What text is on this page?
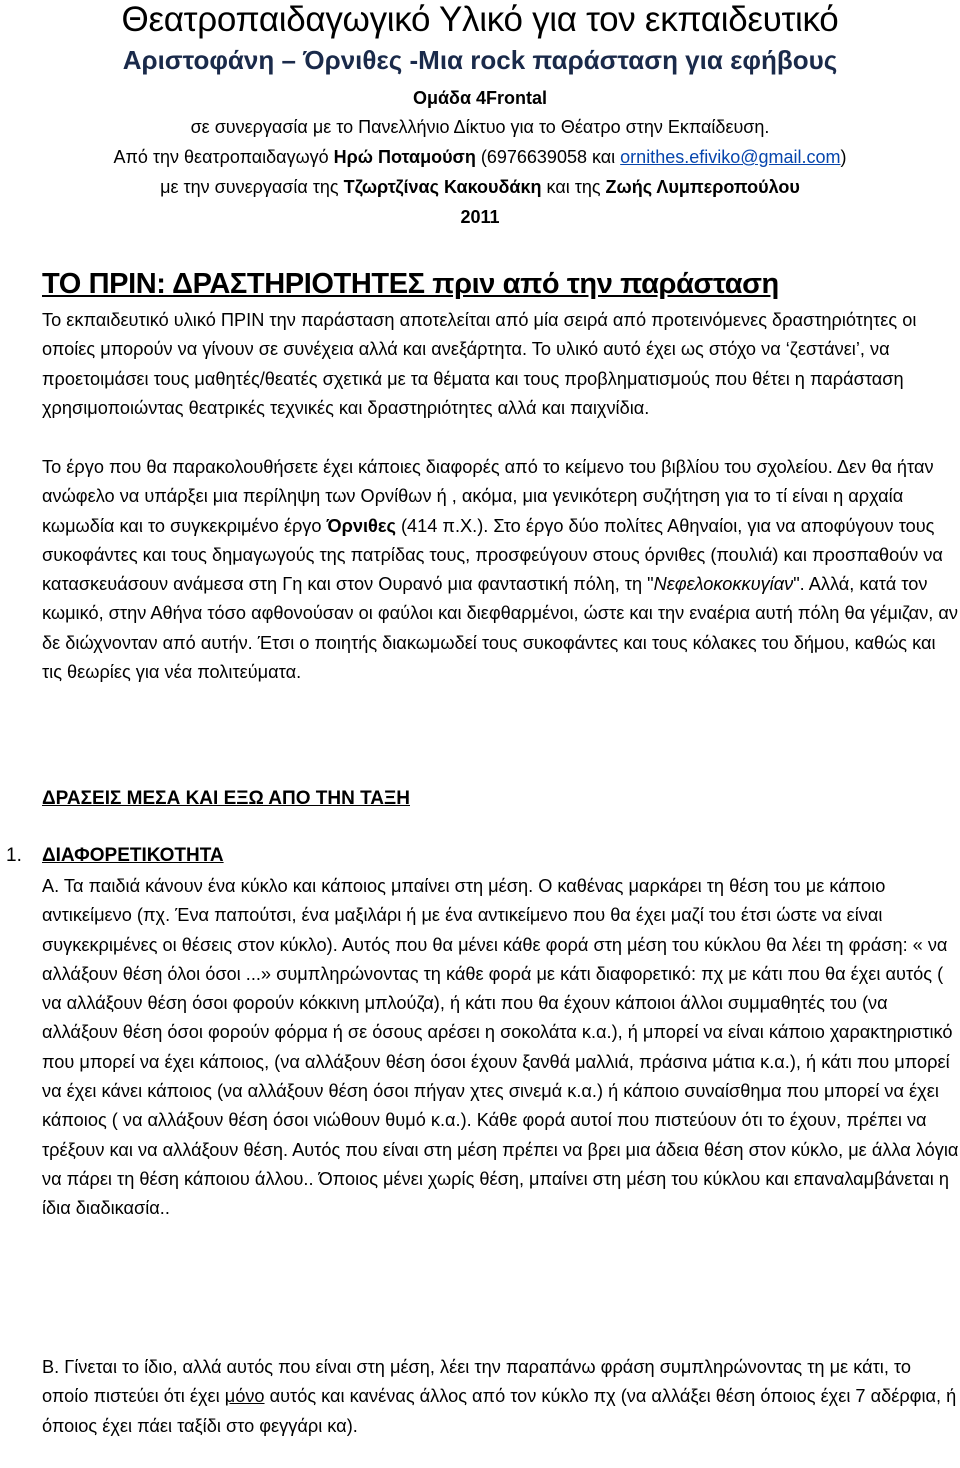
Θεατροπαιδαγωγικό Υλικό για τον εκπαιδευτικό
Αριστοφάνη – Όρνιθες -Μια rock παράσταση για εφήβους

Ομάδα 4Frontal

σε συνεργασία με το Πανελλήνιο Δίκτυο για το Θέατρο στην Εκπαίδευση.

Από την θεατροπαιδαγωγό Ηρώ Ποταμούση (6976639058 και ornithes.efiviko@gmail.com)

με την συνεργασία της Τζωρτζίνας Κακουδάκη και της Ζωής Λυμπεροπούλου

2011

ΤΟ ΠΡΙΝ: ΔΡΑΣΤΗΡΙΟΤΗΤΕΣ πριν από την παράσταση

Το εκπαιδευτικό υλικό ΠΡΙΝ την παράσταση αποτελείται από μία σειρά από προτεινόμενες δραστηριότητες οι οποίες μπορούν να γίνουν σε συνέχεια αλλά και ανεξάρτητα. Το υλικό αυτό έχει ως στόχο να ‘ζεστάνει’, να προετοιμάσει τους μαθητές/θεατές σχετικά με τα θέματα και τους προβληματισμούς που θέτει η παράσταση χρησιμοποιώντας θεατρικές τεχνικές και δραστηριότητες αλλά και παιχνίδια.

Το έργο που θα παρακολουθήσετε έχει κάποιες διαφορές από το κείμενο του βιβλίου του σχολείου. Δεν θα ήταν ανώφελο να υπάρξει μια περίληψη των Ορνίθων ή , ακόμα, μια γενικότερη συζήτηση για το τί είναι η αρχαία κωμωδία και το συγκεκριμένο έργο Όρνιθες (414 π.Χ.). Στο έργο δύο πολίτες Αθηναίοι, για να αποφύγουν τους συκοφάντες και τους δημαγωγούς της πατρίδας τους, προσφεύγουν στους όρνιθες (πουλιά) και προσπαθούν να κατασκευάσουν ανάμεσα στη Γη και στον Ουρανό μια φανταστική πόλη, τη "Νεφελοκοκκυγίαν". Αλλά, κατά τον κωμικό, στην Αθήνα τόσο αφθονούσαν οι φαύλοι και διεφθαρμένοι, ώστε και την εναέρια αυτή πόλη θα γέμιζαν, αν δε διώχνονταν από αυτήν. Έτσι ο ποιητής διακωμωδεί τους συκοφάντες και τους κόλακες του δήμου, καθώς και τις θεωρίες για νέα πολιτεύματα.

ΔΡΑΣΕΙΣ ΜΕΣΑ ΚΑΙ ΕΞΩ ΑΠΟ ΤΗΝ ΤΑΞΗ
1. ΔΙΑΦΟΡΕΤΙΚΟΤΗΤΑ

Α. Τα παιδιά κάνουν ένα κύκλο και κάποιος μπαίνει στη μέση. Ο καθένας μαρκάρει τη θέση του με κάποιο αντικείμενο (πχ. Ένα παπούτσι, ένα μαξιλάρι ή με ένα αντικείμενο που θα έχει μαζί του έτσι ώστε να είναι συγκεκριμένες οι θέσεις στον κύκλο). Αυτός που θα μένει κάθε φορά στη μέση του κύκλου θα λέει τη φράση: « να αλλάξουν θέση όλοι όσοι ...» συμπληρώνοντας τη κάθε φορά με κάτι διαφορετικό: πχ με κάτι που θα έχει αυτός ( να αλλάξουν θέση όσοι φορούν κόκκινη μπλούζα), ή κάτι που θα έχουν κάποιοι άλλοι συμμαθητές του (να αλλάξουν θέση όσοι φορούν φόρμα ή σε όσους αρέσει η σοκολάτα κ.α.), ή μπορεί να είναι κάποιο χαρακτηριστικό που μπορεί να έχει κάποιος, (να αλλάξουν θέση όσοι έχουν ξανθά μαλλιά, πράσινα μάτια κ.α.), ή κάτι που μπορεί να έχει κάνει κάποιος (να αλλάξουν θέση όσοι πήγαν χτες σινεμά κ.α.) ή κάποιο συναίσθημα που μπορεί να έχει κάποιος ( να αλλάξουν θέση όσοι νιώθουν θυμό κ.α.). Κάθε φορά αυτοί που πιστεύουν ότι το έχουν, πρέπει να τρέξουν και να αλλάξουν θέση. Αυτός που είναι στη μέση πρέπει να βρει μια άδεια θέση στον κύκλο, με άλλα λόγια να πάρει τη θέση κάποιου άλλου.. Όποιος μένει χωρίς θέση, μπαίνει στη μέση του κύκλου και επαναλαμβάνεται η ίδια διαδικασία..

Β. Γίνεται το ίδιο, αλλά αυτός που είναι στη μέση, λέει την παραπάνω φράση συμπληρώνοντας τη με κάτι, το οποίο πιστεύει ότι έχει μόνο αυτός και κανένας άλλος από τον κύκλο πχ (να αλλάξει θέση όποιος έχει 7 αδέρφια, ή όποιος έχει πάει ταξίδι στο φεγγάρι κα).
